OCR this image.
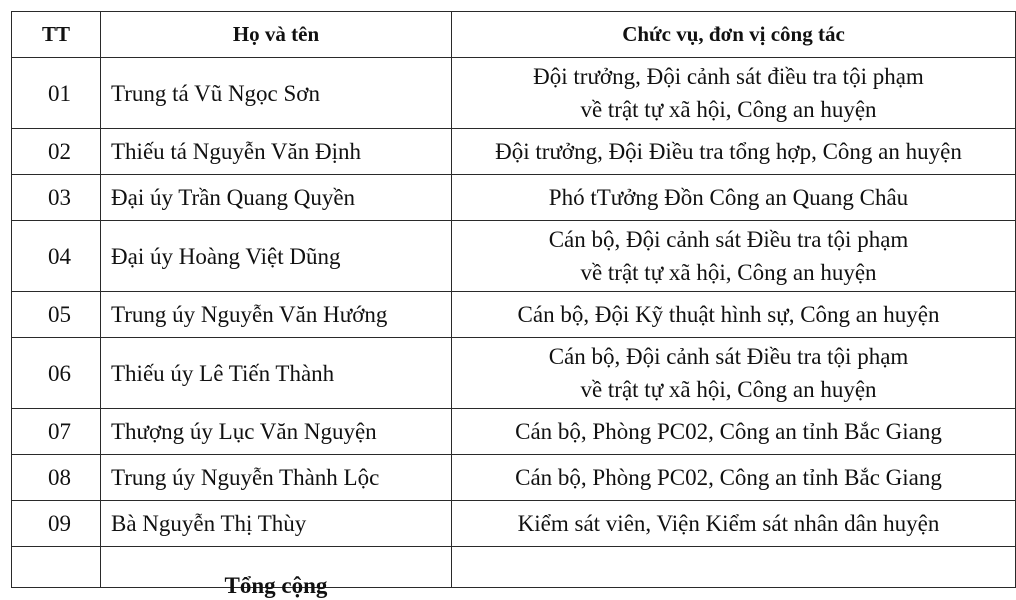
TT	Họ và tên	Chức vụ, đơn vị công tác
01	Trung tá Vũ Ngọc Sơn	Đội trưởng, Đội cảnh sát điều tra tội phạm
về trật tự xã hội, Công an huyện

02	Thiếu tá Nguyễn Văn Định	Đội trưởng, Đội Điều tra tổng hợp, Công an huyện

03	Đại úy Trần Quang Quyền	Phó tTưởng Đồn Công an Quang Châu

04	Đại úy Hoàng Việt Dũng	Cán bộ, Đội cảnh sát Điều tra tội phạm
về trật tự xã hội, Công an huyện

05	Trung úy Nguyễn Văn Hướng	Cán bộ, Đội Kỹ thuật hình sự, Công an huyện

06	Thiếu úy Lê Tiến Thành	Cán bộ, Đội cảnh sát Điều tra tội phạm
về trật tự xã hội, Công an huyện

07	Thượng úy Lục Văn Nguyện	Cán bộ, Phòng PC02, Công an tỉnh Bắc Giang

08	Trung úy Nguyễn Thành Lộc	Cán bộ, Phòng PC02, Công an tỉnh Bắc Giang

09	Bà Nguyễn Thị Thùy	Kiểm sát viên, Viện Kiểm sát nhân dân huyện

	Tổng cộng	
